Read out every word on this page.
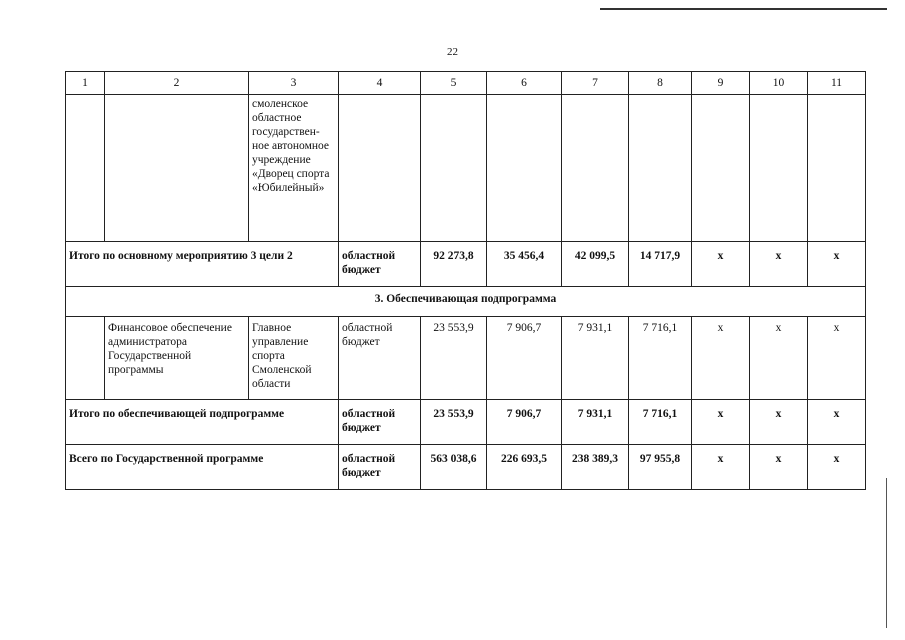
22
1	2	3	4	5	6	7	8	9	10	11
		смоленское областное государствен-ное автономное учреждение «Дворец спорта «Юбилейный»								
Итого по основному мероприятию 3 цели 2			областной бюджет	92 273,8	35 456,4	42 099,5	14 717,9	х	х	х
3. Обеспечивающая подпрограмма										
	Финансовое обеспечение администратора Государственной программы	Главное управление спорта Смоленской области	областной бюджет	23 553,9	7 906,7	7 931,1	7 716,1	х	х	х
Итого по обеспечивающей подпрограмме			областной бюджет	23 553,9	7 906,7	7 931,1	7 716,1	х	х	х
Всего по Государственной программе			областной бюджет	563 038,6	226 693,5	238 389,3	97 955,8	х	х	х
